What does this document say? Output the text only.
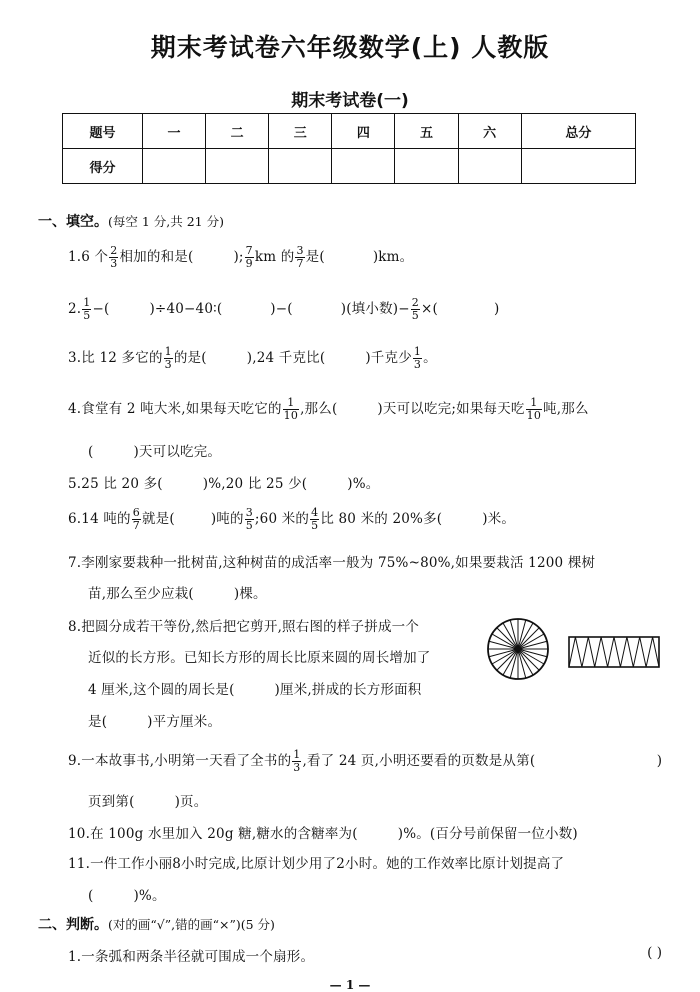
期末考试卷六年级数学(上) 人教版
期末考试卷(一)
题号	一	二	三	四	五	六	总分
得分							
一、填空。(每空 1 分,共 21 分)
1.6 个 $\frac{2}{3}$ 相加的和是(	); $\frac{7}{9}$ km 的 $\frac{3}{7}$ 是(	)km。
2. $\frac{1}{5}$ −(	)÷40−40∶(	)−(	)(填小数)− $\frac{2}{5}$ ×(	)
3.比 12 多它的 $\frac{1}{3}$ 的是(	),24 千克比(	)千克少 $\frac{1}{3}$ 。
4.食堂有 2 吨大米,如果每天吃它的 $\frac{1}{10}$ ,那么(	)天可以吃完;如果每天吃 $\frac{1}{10}$ 吨,那么
(	)天可以吃完。
5.25 比 20 多(	)%,20 比 25 少(	)%。
6.14 吨的 $\frac{6}{7}$ 就是(	)吨的 $\frac{3}{5}$ ;60 米的 $\frac{4}{5}$ 比 80 米的 20%多(	)米。
7.李刚家要栽种一批树苗,这种树苗的成活率一般为 75%~80%,如果要栽活 1200 棵树
苗,那么至少应栽(	)棵。
8.把圆分成若干等份,然后把它剪开,照右图的样子拼成一个
近似的长方形。已知长方形的周长比原来圆的周长增加了
4 厘米,这个圆的周长是(	)厘米,拼成的长方形面积
是(	)平方厘米。
9.一本故事书,小明第一天看了全书的 $\frac{1}{3}$ ,看了 24 页,小明还要看的页数是从第(	)
页到第(	)页。
10.在 100g 水里加入 20g 糖,糖水的含糖率为(	)%。(百分号前保留一位小数)
11.一件工作小丽8小时完成,比原计划少用了2小时。她的工作效率比原计划提高了
(	)%。
二、判断。(对的画“√”,错的画“×”)(5 分)
1.一条弧和两条半径就可围成一个扇形。	( )
— 1 —
